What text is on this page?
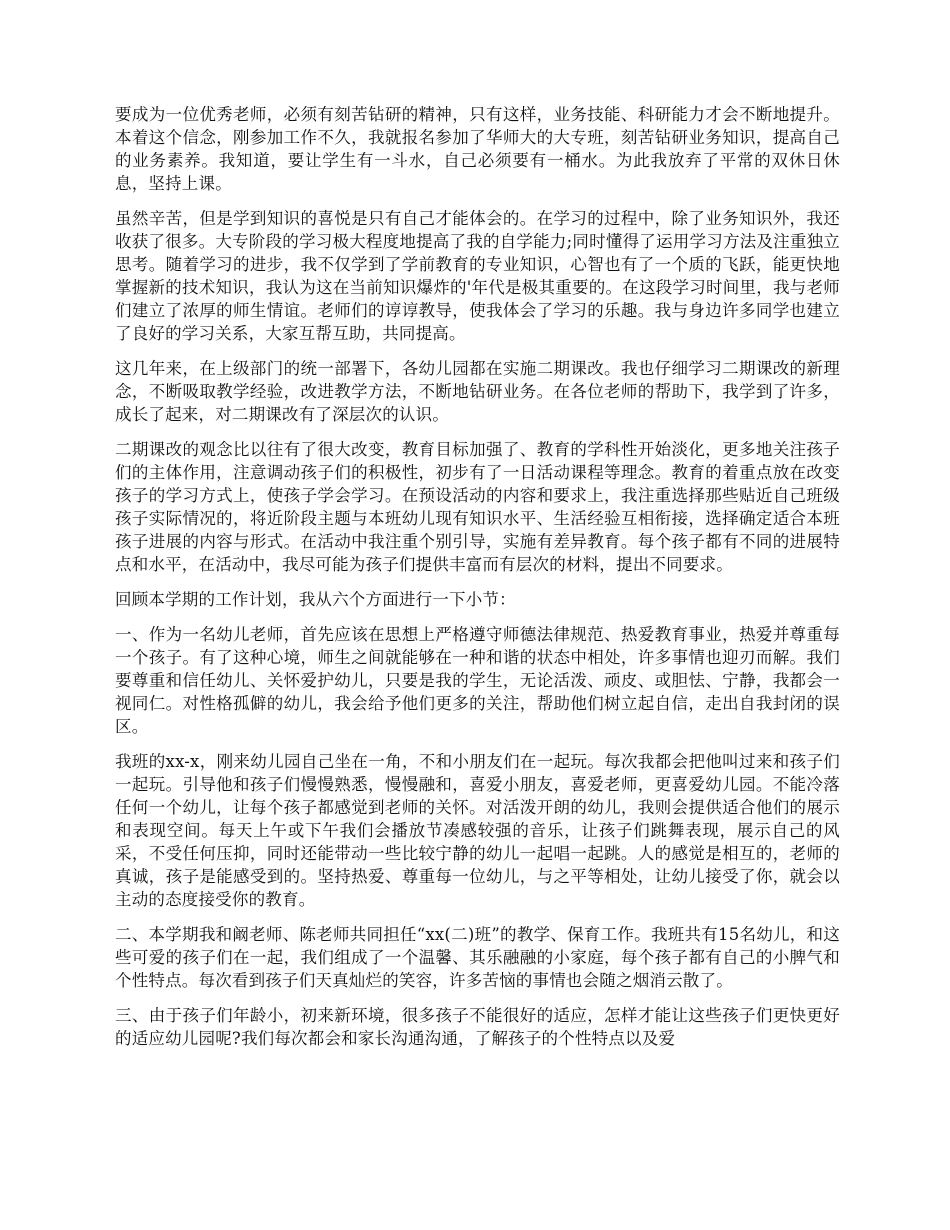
要成为一位优秀老师，必须有刻苦钻研的精神，只有这样，业务技能、科研能力才会不断地提升。本着这个信念，刚参加工作不久，我就报名参加了华师大的大专班，刻苦钻研业务知识，提高自己的业务素养。我知道，要让学生有一斗水，自己必须要有一桶水。为此我放弃了平常的双休日休息，坚持上课。

虽然辛苦，但是学到知识的喜悦是只有自己才能体会的。在学习的过程中，除了业务知识外，我还收获了很多。大专阶段的学习极大程度地提高了我的自学能力;同时懂得了运用学习方法及注重独立思考。随着学习的进步，我不仅学到了学前教育的专业知识，心智也有了一个质的飞跃，能更快地掌握新的技术知识，我认为这在当前知识爆炸的'年代是极其重要的。在这段学习时间里，我与老师们建立了浓厚的师生情谊。老师们的谆谆教导，使我体会了学习的乐趣。我与身边许多同学也建立了良好的学习关系，大家互帮互助，共同提高。

这几年来，在上级部门的统一部署下，各幼儿园都在实施二期课改。我也仔细学习二期课改的新理念，不断吸取教学经验，改进教学方法，不断地钻研业务。在各位老师的帮助下，我学到了许多，成长了起来，对二期课改有了深层次的认识。

二期课改的观念比以往有了很大改变，教育目标加强了、教育的学科性开始淡化，更多地关注孩子们的主体作用，注意调动孩子们的积极性，初步有了一日活动课程等理念。教育的着重点放在改变孩子的学习方式上，使孩子学会学习。在预设活动的内容和要求上，我注重选择那些贴近自己班级孩子实际情况的，将近阶段主题与本班幼儿现有知识水平、生活经验互相衔接，选择确定适合本班孩子进展的内容与形式。在活动中我注重个别引导，实施有差异教育。每个孩子都有不同的进展特点和水平，在活动中，我尽可能为孩子们提供丰富而有层次的材料，提出不同要求。

回顾本学期的工作计划，我从六个方面进行一下小节：

一、作为一名幼儿老师，首先应该在思想上严格遵守师德法律规范、热爱教育事业，热爱并尊重每一个孩子。有了这种心境，师生之间就能够在一种和谐的状态中相处，许多事情也迎刃而解。我们要尊重和信任幼儿、关怀爱护幼儿，只要是我的学生，无论活泼、顽皮、或胆怯、宁静，我都会一视同仁。对性格孤僻的幼儿，我会给予他们更多的关注，帮助他们树立起自信，走出自我封闭的误区。

我班的xx-x，刚来幼儿园自己坐在一角，不和小朋友们在一起玩。每次我都会把他叫过来和孩子们一起玩。引导他和孩子们慢慢熟悉，慢慢融和，喜爱小朋友，喜爱老师，更喜爱幼儿园。不能冷落任何一个幼儿，让每个孩子都感觉到老师的关怀。对活泼开朗的幼儿，我则会提供适合他们的展示和表现空间。每天上午或下午我们会播放节凑感较强的音乐，让孩子们跳舞表现，展示自己的风采，不受任何压抑，同时还能带动一些比较宁静的幼儿一起唱一起跳。人的感觉是相互的，老师的真诚，孩子是能感受到的。坚持热爱、尊重每一位幼儿，与之平等相处，让幼儿接受了你，就会以主动的态度接受你的教育。

二、本学期我和阚老师、陈老师共同担任“xx(二)班”的教学、保育工作。我班共有15名幼儿，和这些可爱的孩子们在一起，我们组成了一个温馨、其乐融融的小家庭，每个孩子都有自己的小脾气和个性特点。每次看到孩子们天真灿烂的笑容，许多苦恼的事情也会随之烟消云散了。

三、由于孩子们年龄小，初来新环境，很多孩子不能很好的适应，怎样才能让这些孩子们更快更好的适应幼儿园呢?我们每次都会和家长沟通沟通，了解孩子的个性特点以及爱
